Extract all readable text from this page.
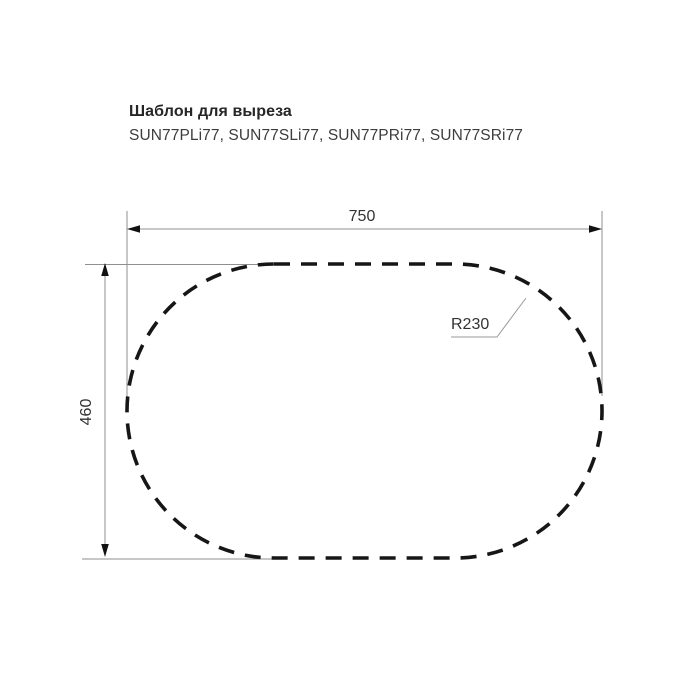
Шаблон для выреза
SUN77PLi77, SUN77SLi77, SUN77PRi77, SUN77SRi77
750
460
R230
